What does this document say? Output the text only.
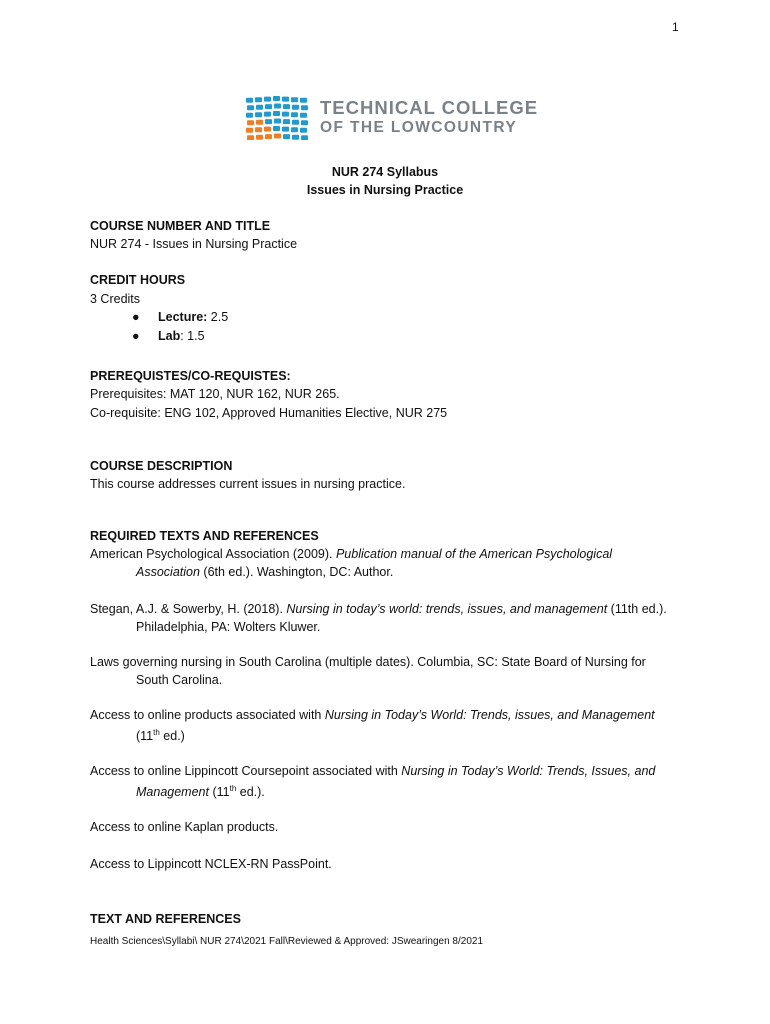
1
TECHNICAL COLLEGE
OF THE LOWCOUNTRY
NUR 274 Syllabus
Issues in Nursing Practice
COURSE NUMBER AND TITLE
NUR 274 - Issues in Nursing Practice
CREDIT HOURS
3 Credits
● Lecture: 2.5
● Lab: 1.5
PREREQUISTES/CO-REQUISTES:
Prerequisites: MAT 120, NUR 162, NUR 265.
Co-requisite: ENG 102, Approved Humanities Elective, NUR 275
COURSE DESCRIPTION
This course addresses current issues in nursing practice.
REQUIRED TEXTS AND REFERENCES
American Psychological Association (2009). Publication manual of the American Psychological
Association (6th ed.). Washington, DC: Author.
Stegan, A.J. & Sowerby, H. (2018). Nursing in today’s world: trends, issues, and management (11th ed.).
Philadelphia, PA: Wolters Kluwer.
Laws governing nursing in South Carolina (multiple dates). Columbia, SC: State Board of Nursing for
South Carolina.
Access to online products associated with Nursing in Today’s World: Trends, issues, and Management
(11th ed.)
Access to online Lippincott Coursepoint associated with Nursing in Today’s World: Trends, Issues, and
Management (11th ed.).
Access to online Kaplan products.
Access to Lippincott NCLEX-RN PassPoint.
TEXT AND REFERENCES
Health Sciences\Syllabi\ NUR 274\2021 Fall\Reviewed & Approved: JSwearingen 8/2021
